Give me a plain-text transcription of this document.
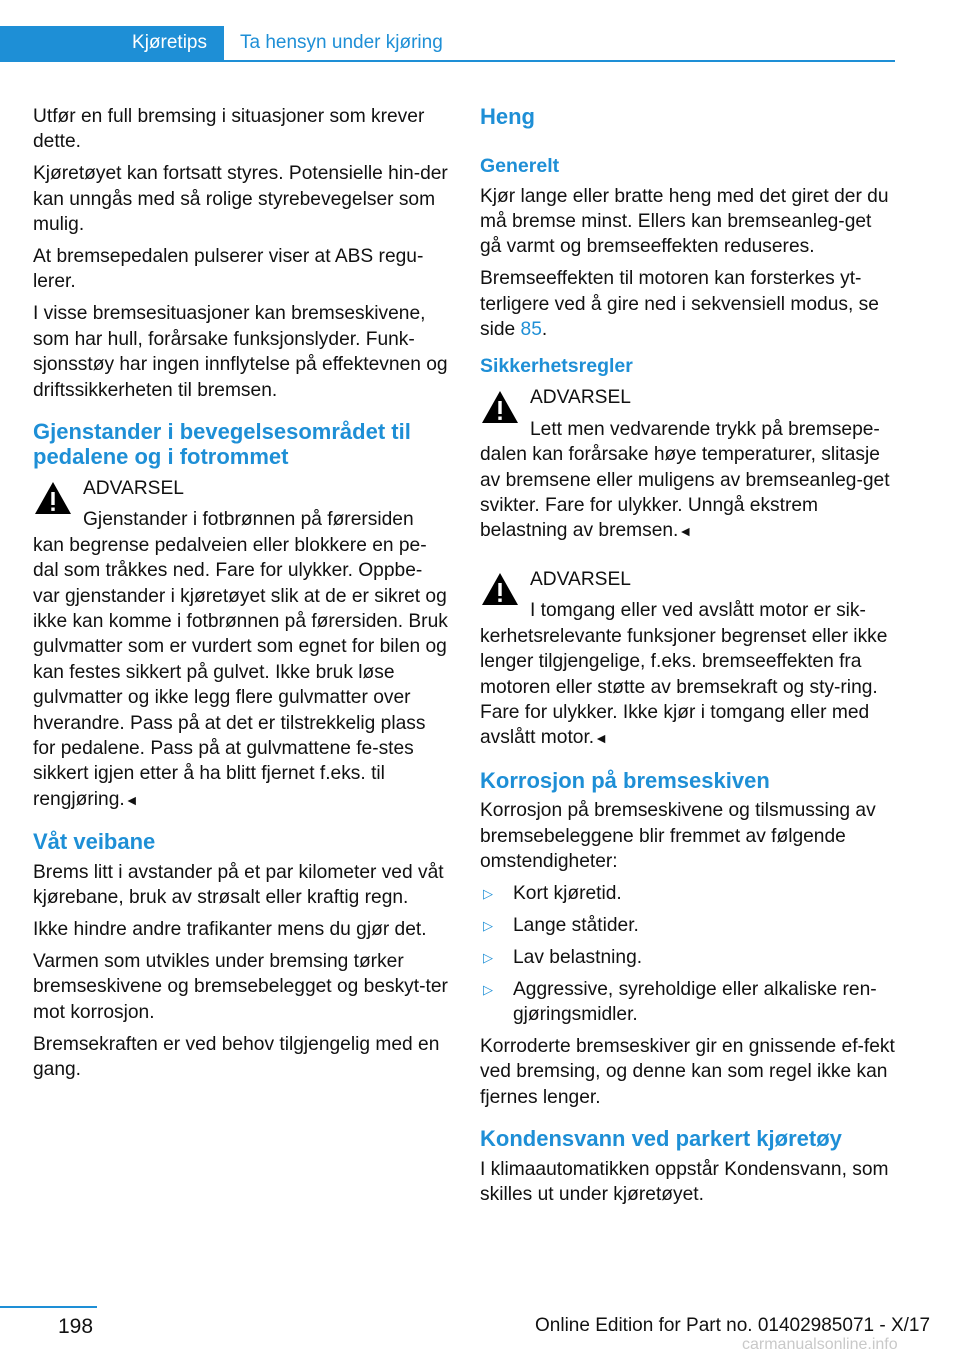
Kjøretips	Ta hensyn under kjøring

Utfør en full bremsing i situasjoner som krever dette.

Kjøretøyet kan fortsatt styres. Potensielle hin-der kan unngås med så rolige styrebevegelser som mulig.

At bremsepedalen pulserer viser at ABS regu-lerer.

I visse bremsesituasjoner kan bremseskivene, som har hull, forårsake funksjonslyder. Funk-sjonsstøy har ingen innflytelse på effektevnen og driftssikkerheten til bremsen.

Gjenstander i bevegelsesområdet til pedalene og i fotrommet
ADVARSEL
Gjenstander i fotbrønnen på førersiden kan begrense pedalveien eller blokkere en pe-dal som tråkkes ned. Fare for ulykker. Oppbe-var gjenstander i kjøretøyet slik at de er sikret og ikke kan komme i fotbrønnen på førersiden. Bruk gulvmatter som er vurdert som egnet for bilen og kan festes sikkert på gulvet. Ikke bruk løse gulvmatter og ikke legg flere gulvmatter over hverandre. Pass på at det er tilstrekkelig plass for pedalene. Pass på at gulvmattene fe-stes sikkert igjen etter å ha blitt fjernet f.eks. til rengjøring.◄
Våt veibane

Brems litt i avstander på et par kilometer ved våt kjørebane, bruk av strøsalt eller kraftig regn.

Ikke hindre andre trafikanter mens du gjør det.

Varmen som utvikles under bremsing tørker bremseskivene og bremsebelegget og beskyt-ter mot korrosjon.

Bremsekraften er ved behov tilgjengelig med en gang.

Heng
Generelt

Kjør lange eller bratte heng med det giret der du må bremse minst. Ellers kan bremseanleg-get gå varmt og bremseeffekten reduseres.

Bremseeffekten til motoren kan forsterkes yt-terligere ved å gire ned i sekvensiell modus, se side 85.

Sikkerhetsregler
ADVARSEL
Lett men vedvarende trykk på bremsepe-dalen kan forårsake høye temperaturer, slitasje av bremsene eller muligens av bremseanleg-get svikter. Fare for ulykker. Unngå ekstrem belastning av bremsen.◄
ADVARSEL
I tomgang eller ved avslått motor er sik-kerhetsrelevante funksjoner begrenset eller ikke lenger tilgjengelige, f.eks. bremseeffekten fra motoren eller støtte av bremsekraft og sty-ring. Fare for ulykker. Ikke kjør i tomgang eller med avslått motor.◄
Korrosjon på bremseskiven

Korrosjon på bremseskivene og tilsmussing av bremsebeleggene blir fremmet av følgende omstendigheter:

▷ Kort kjøretid.
▷ Lange ståtider.
▷ Lav belastning.
▷ Aggressive, syreholdige eller alkaliske ren-gjøringsmidler.

Korroderte bremseskiver gir en gnissende ef-fekt ved bremsing, og denne kan som regel ikke kan fjernes lenger.

Kondensvann ved parkert kjøretøy

I klimaautomatikken oppstår Kondensvann, som skilles ut under kjøretøyet.

198	Online Edition for Part no. 01402985071 - X/17
carmanualsonline.info
